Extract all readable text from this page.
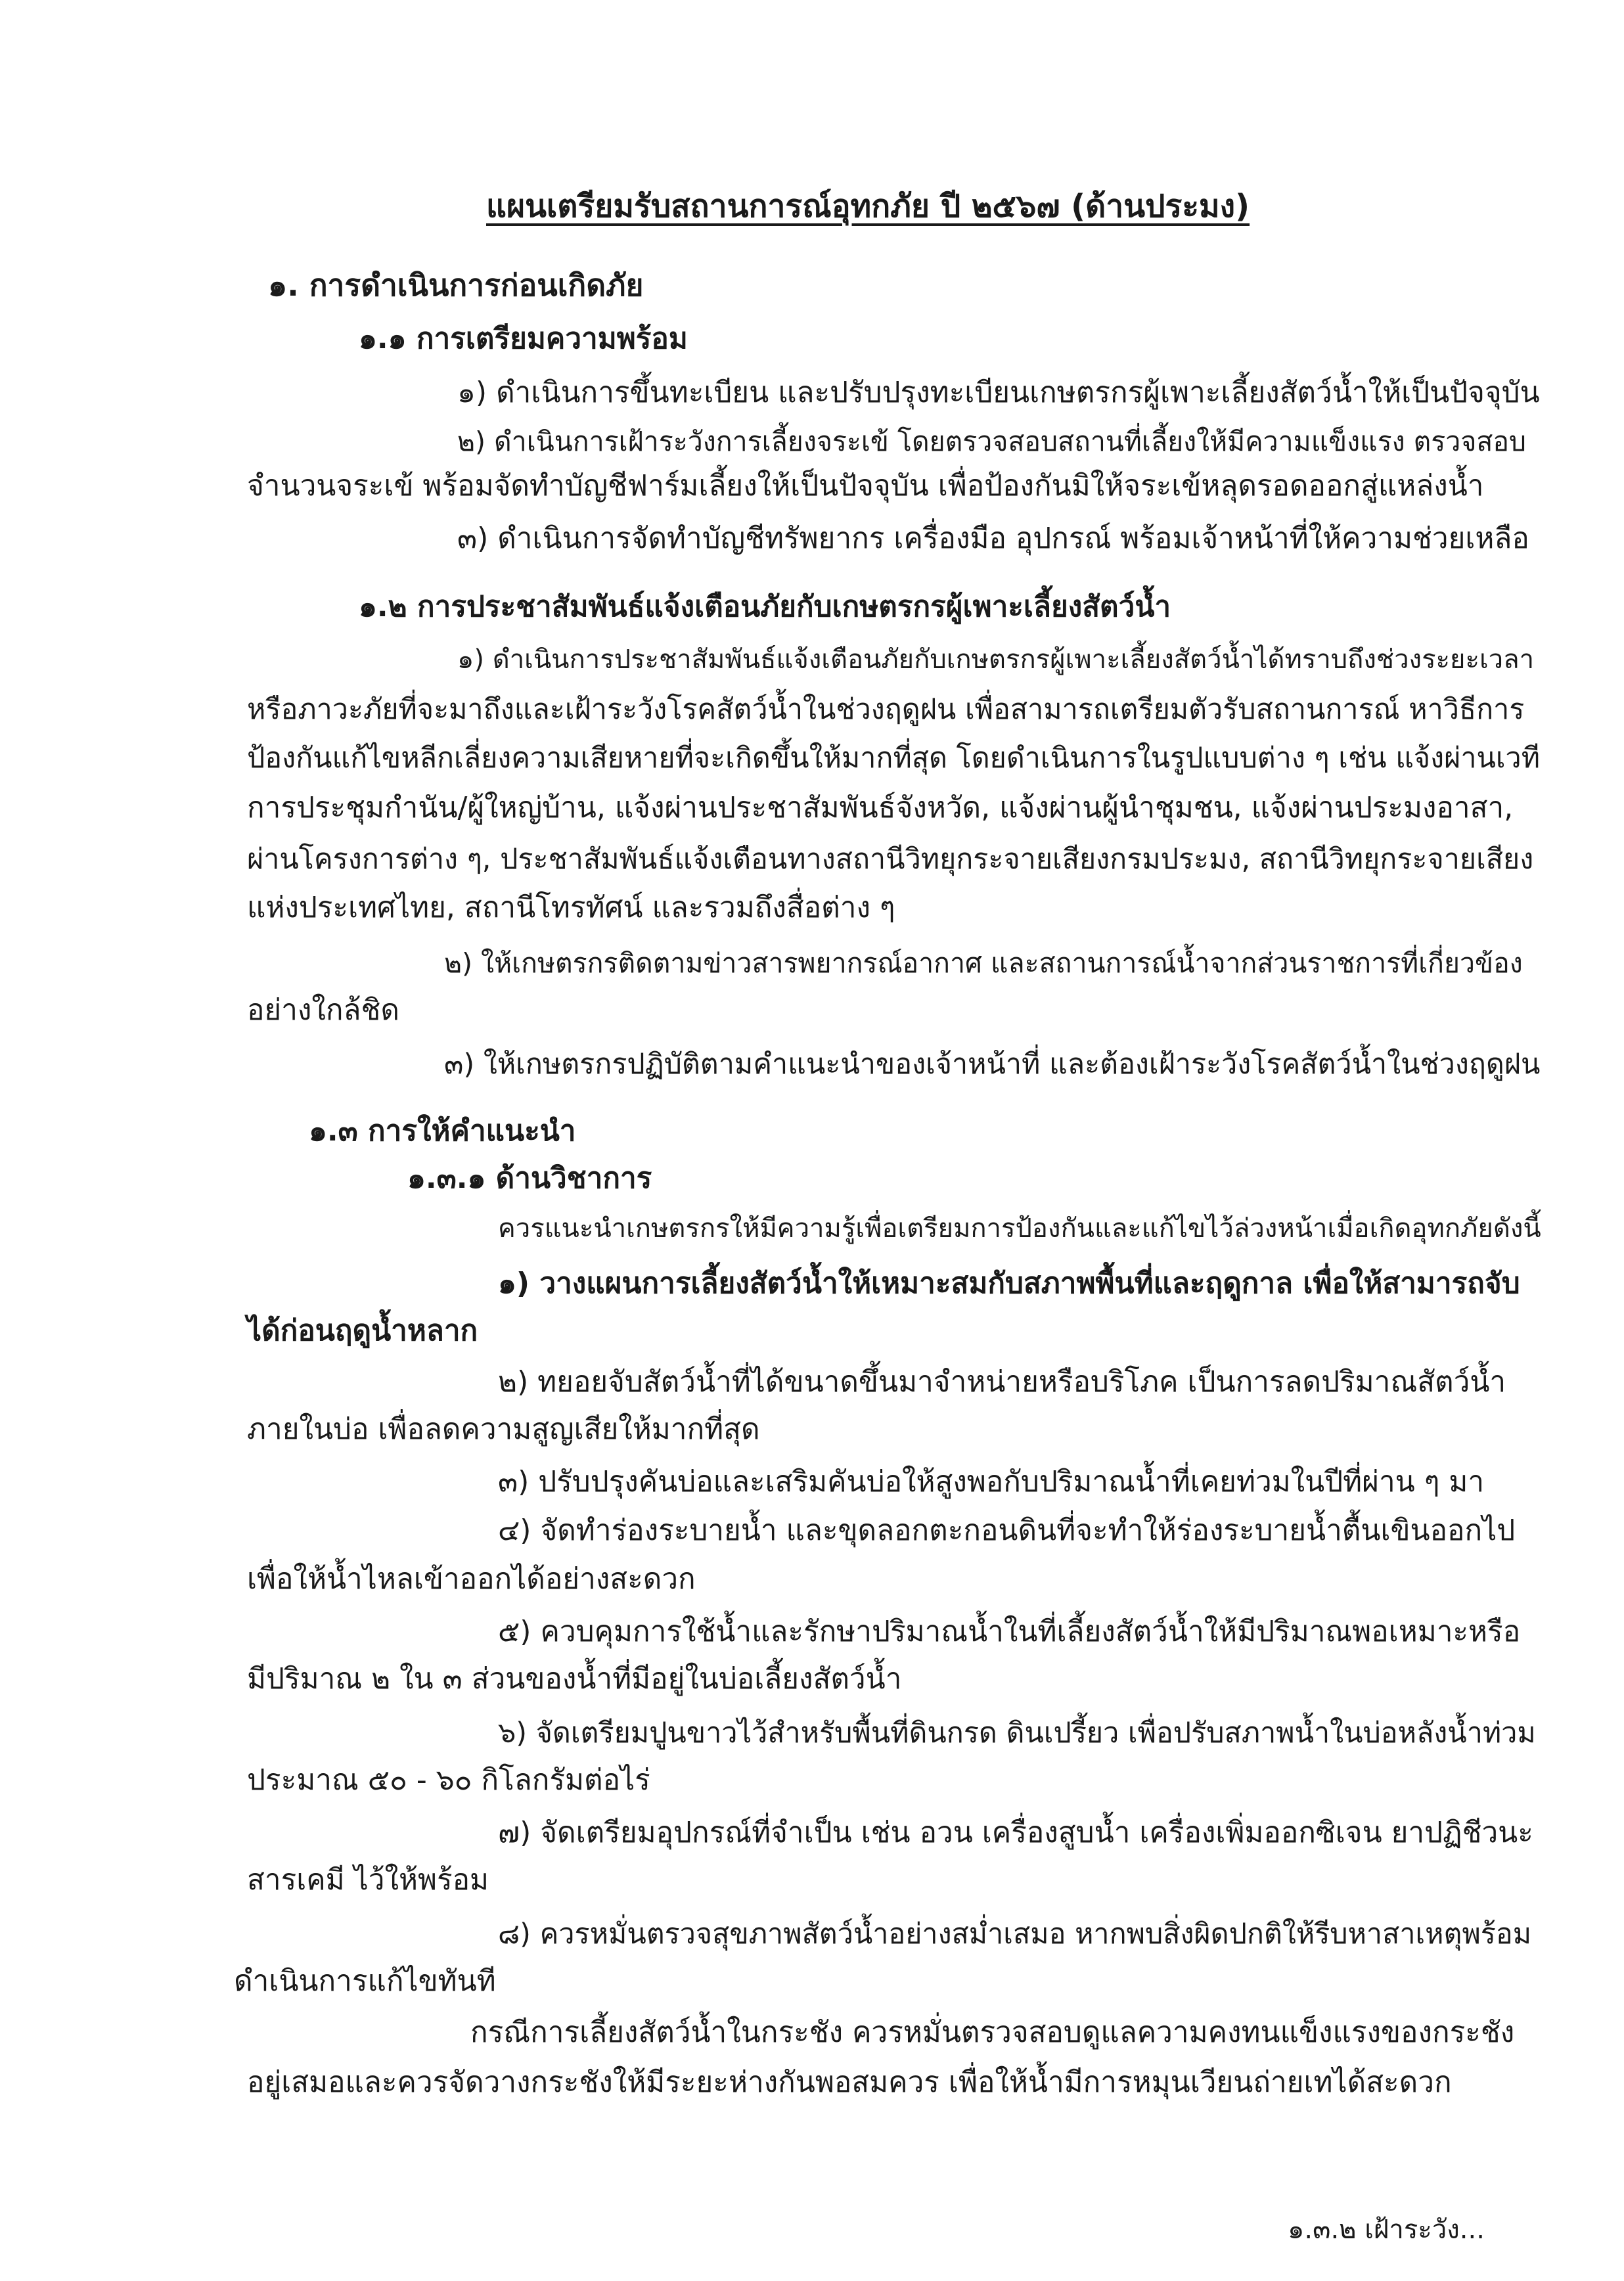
แผนเตรียมรับสถานการณ์อุทกภัย ปี ๒๕๖๗ (ด้านประมง)
๑. การดำเนินการก่อนเกิดภัย
๑.๑ การเตรียมความพร้อม
๑) ดำเนินการขึ้นทะเบียน และปรับปรุงทะเบียนเกษตรกรผู้เพาะเลี้ยงสัตว์น้ำให้เป็นปัจจุบัน
๒) ดำเนินการเฝ้าระวังการเลี้ยงจระเข้ โดยตรวจสอบสถานที่เลี้ยงให้มีความแข็งแรง ตรวจสอบ
จำนวนจระเข้ พร้อมจัดทำบัญชีฟาร์มเลี้ยงให้เป็นปัจจุบัน เพื่อป้องกันมิให้จระเข้หลุดรอดออกสู่แหล่งน้ำ
๓) ดำเนินการจัดทำบัญชีทรัพยากร เครื่องมือ อุปกรณ์ พร้อมเจ้าหน้าที่ให้ความช่วยเหลือ
๑.๒ การประชาสัมพันธ์แจ้งเตือนภัยกับเกษตรกรผู้เพาะเลี้ยงสัตว์น้ำ
๑) ดำเนินการประชาสัมพันธ์แจ้งเตือนภัยกับเกษตรกรผู้เพาะเลี้ยงสัตว์น้ำได้ทราบถึงช่วงระยะเวลา
หรือภาวะภัยที่จะมาถึงและเฝ้าระวังโรคสัตว์น้ำในช่วงฤดูฝน เพื่อสามารถเตรียมตัวรับสถานการณ์ หาวิธีการ
ป้องกันแก้ไขหลีกเลี่ยงความเสียหายที่จะเกิดขึ้นให้มากที่สุด โดยดำเนินการในรูปแบบต่าง ๆ เช่น แจ้งผ่านเวที
การประชุมกำนัน/ผู้ใหญ่บ้าน, แจ้งผ่านประชาสัมพันธ์จังหวัด, แจ้งผ่านผู้นำชุมชน, แจ้งผ่านประมงอาสา,
ผ่านโครงการต่าง ๆ, ประชาสัมพันธ์แจ้งเตือนทางสถานีวิทยุกระจายเสียงกรมประมง, สถานีวิทยุกระจายเสียง
แห่งประเทศไทย, สถานีโทรทัศน์ และรวมถึงสื่อต่าง ๆ
๒) ให้เกษตรกรติดตามข่าวสารพยากรณ์อากาศ และสถานการณ์น้ำจากส่วนราชการที่เกี่ยวข้อง
อย่างใกล้ชิด
๓) ให้เกษตรกรปฏิบัติตามคำแนะนำของเจ้าหน้าที่ และต้องเฝ้าระวังโรคสัตว์น้ำในช่วงฤดูฝน
๑.๓ การให้คำแนะนำ
๑.๓.๑ ด้านวิชาการ
ควรแนะนำเกษตรกรให้มีความรู้เพื่อเตรียมการป้องกันและแก้ไขไว้ล่วงหน้าเมื่อเกิดอุทกภัยดังนี้
๑) วางแผนการเลี้ยงสัตว์น้ำให้เหมาะสมกับสภาพพื้นที่และฤดูกาล เพื่อให้สามารถจับ
ได้ก่อนฤดูน้ำหลาก
๒) ทยอยจับสัตว์น้ำที่ได้ขนาดขึ้นมาจำหน่ายหรือบริโภค เป็นการลดปริมาณสัตว์น้ำ
ภายในบ่อ เพื่อลดความสูญเสียให้มากที่สุด
๓) ปรับปรุงคันบ่อและเสริมคันบ่อให้สูงพอกับปริมาณน้ำที่เคยท่วมในปีที่ผ่าน ๆ มา
๔) จัดทำร่องระบายน้ำ และขุดลอกตะกอนดินที่จะทำให้ร่องระบายน้ำตื้นเขินออกไป
เพื่อให้น้ำไหลเข้าออกได้อย่างสะดวก
๕) ควบคุมการใช้น้ำและรักษาปริมาณน้ำในที่เลี้ยงสัตว์น้ำให้มีปริมาณพอเหมาะหรือ
มีปริมาณ ๒ ใน ๓ ส่วนของน้ำที่มีอยู่ในบ่อเลี้ยงสัตว์น้ำ
๖) จัดเตรียมปูนขาวไว้สำหรับพื้นที่ดินกรด ดินเปรี้ยว เพื่อปรับสภาพน้ำในบ่อหลังน้ำท่วม
ประมาณ ๕๐ - ๖๐ กิโลกรัมต่อไร่
๗) จัดเตรียมอุปกรณ์ที่จำเป็น เช่น อวน เครื่องสูบน้ำ เครื่องเพิ่มออกซิเจน ยาปฏิชีวนะ
สารเคมี ไว้ให้พร้อม
๘) ควรหมั่นตรวจสุขภาพสัตว์น้ำอย่างสม่ำเสมอ หากพบสิ่งผิดปกติให้รีบหาสาเหตุพร้อม
ดำเนินการแก้ไขทันที
กรณีการเลี้ยงสัตว์น้ำในกระชัง ควรหมั่นตรวจสอบดูแลความคงทนแข็งแรงของกระชัง
อยู่เสมอและควรจัดวางกระชังให้มีระยะห่างกันพอสมควร เพื่อให้น้ำมีการหมุนเวียนถ่ายเทได้สะดวก
๑.๓.๒ เฝ้าระวัง...
